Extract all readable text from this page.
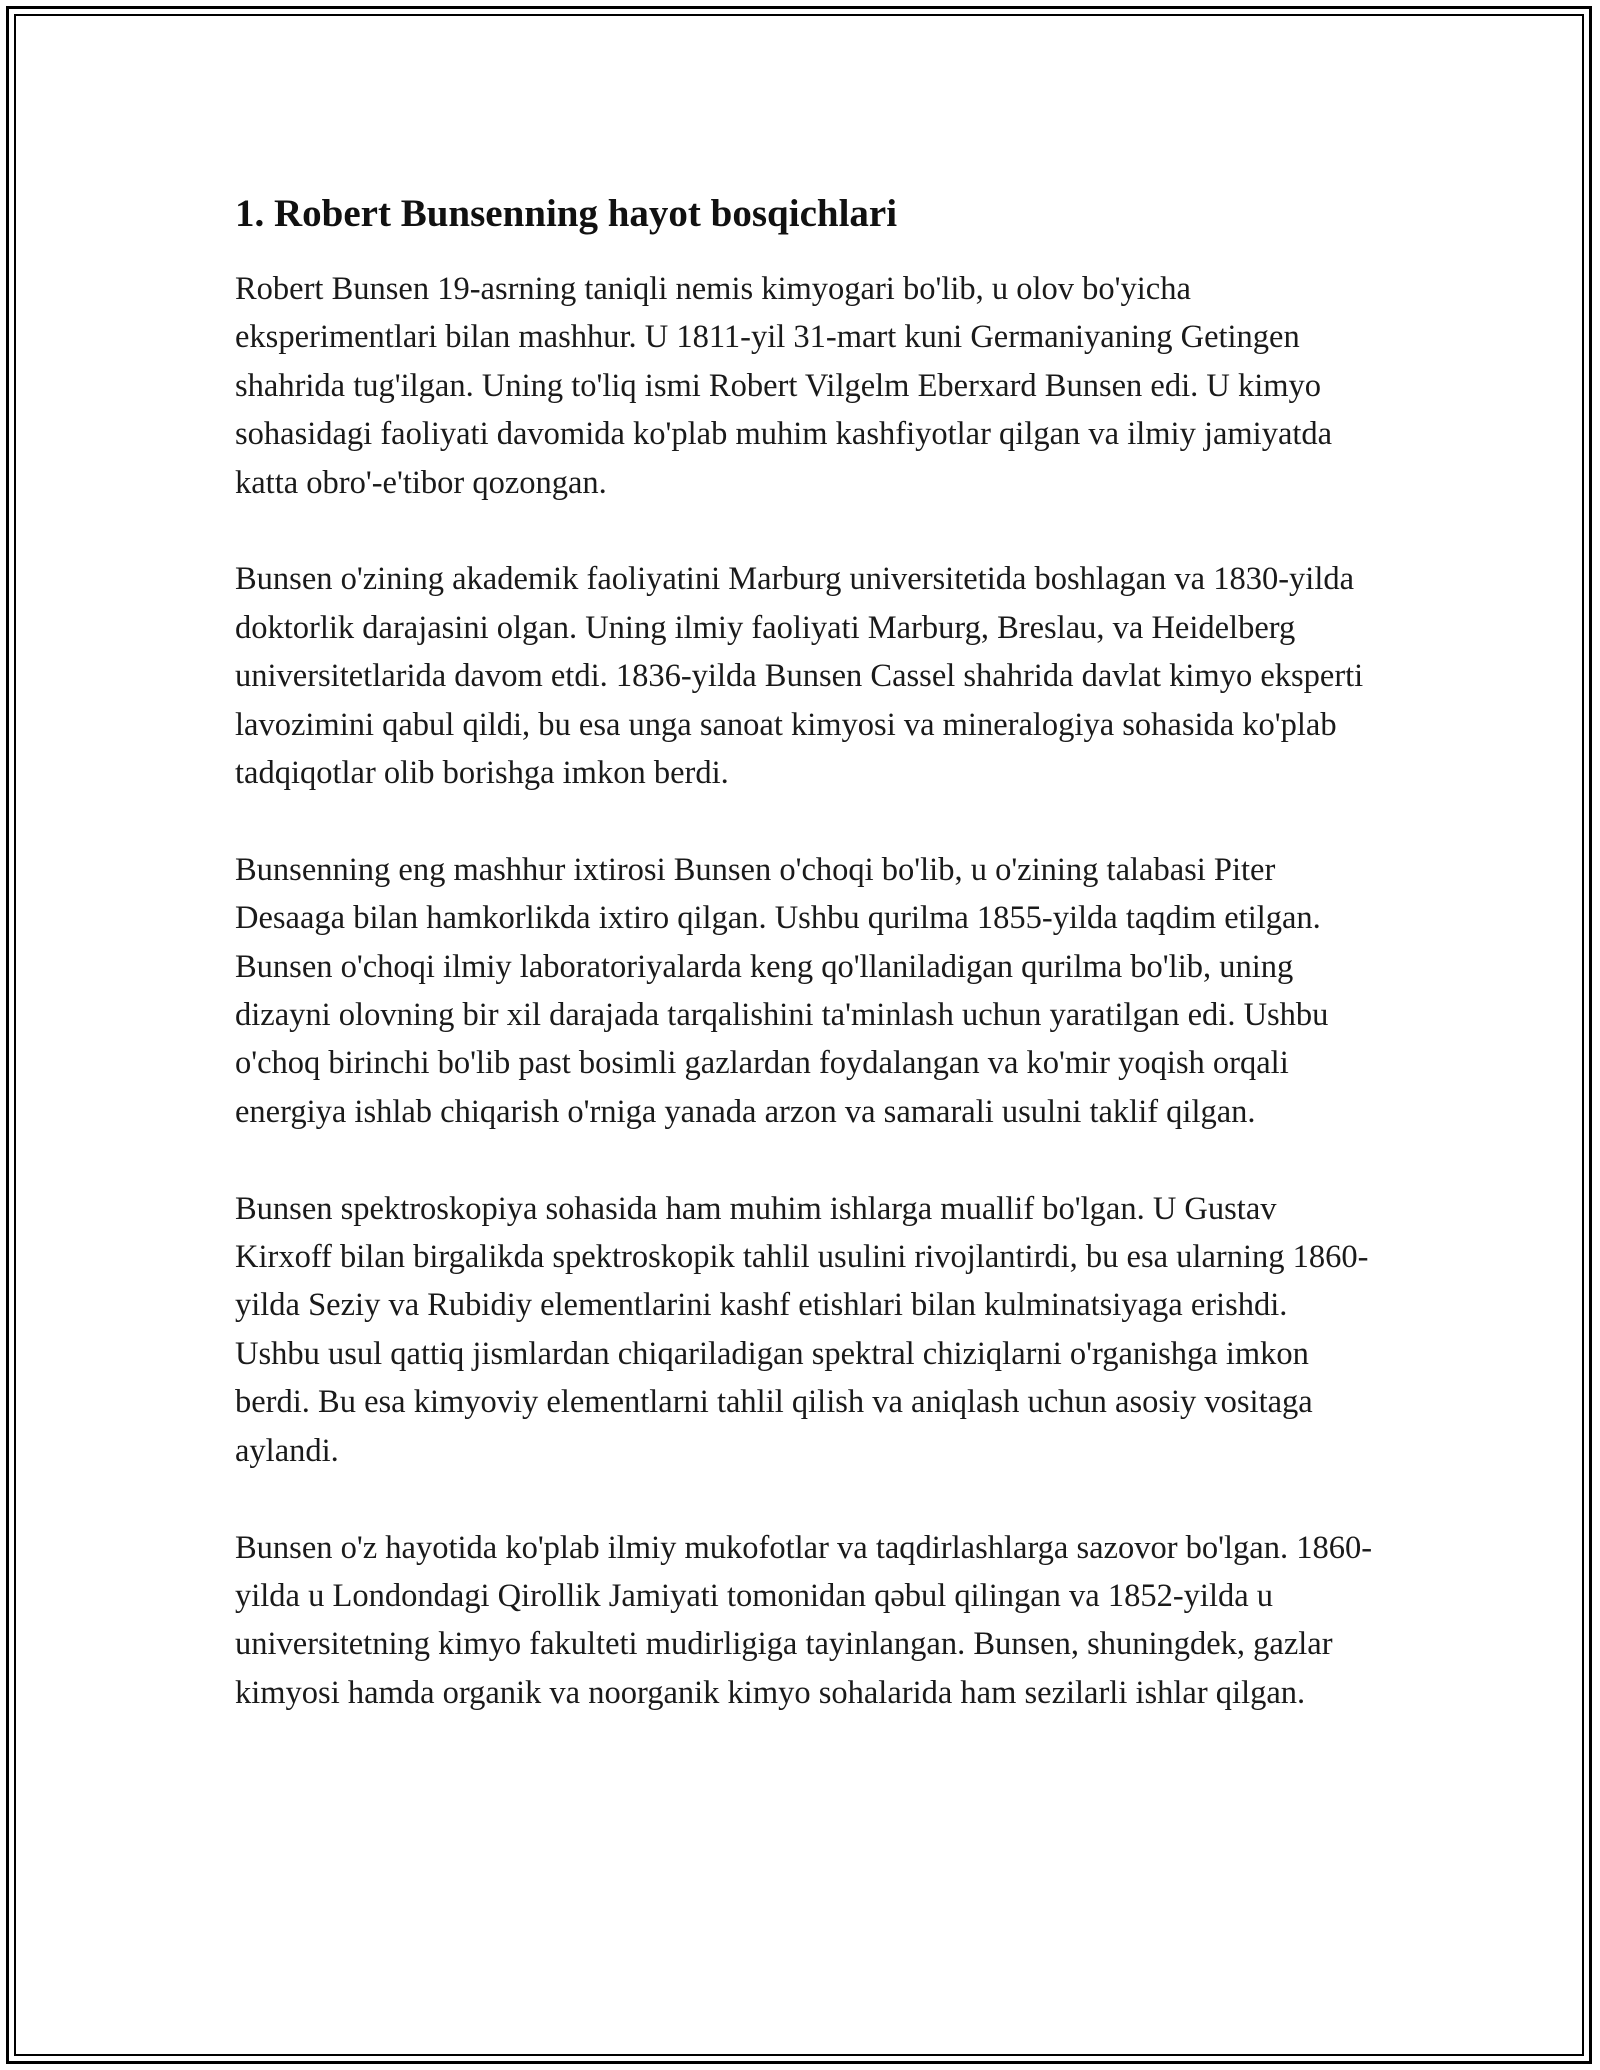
1. Robert Bunsenning hayot bosqichlari

Robert Bunsen 19-asrning taniqli nemis kimyogari bo'lib, u olov bo'yicha eksperimentlari bilan mashhur. U 1811-yil 31-mart kuni Germaniyaning Getingen shahrida tug'ilgan. Uning to'liq ismi Robert Vilgelm Eberxard Bunsen edi. U kimyo sohasidagi faoliyati davomida ko'plab muhim kashfiyotlar qilgan va ilmiy jamiyatda katta obro'-e'tibor qozongan.

Bunsen o'zining akademik faoliyatini Marburg universitetida boshlagan va 1830-yilda doktorlik darajasini olgan. Uning ilmiy faoliyati Marburg, Breslau, va Heidelberg universitetlarida davom etdi. 1836-yilda Bunsen Cassel shahrida davlat kimyo eksperti lavozimini qabul qildi, bu esa unga sanoat kimyosi va mineralogiya sohasida ko'plab tadqiqotlar olib borishga imkon berdi.

Bunsenning eng mashhur ixtirosi Bunsen o'choqi bo'lib, u o'zining talabasi Piter Desaaga bilan hamkorlikda ixtiro qilgan. Ushbu qurilma 1855-yilda taqdim etilgan. Bunsen o'choqi ilmiy laboratoriyalarda keng qo'llaniladigan qurilma bo'lib, uning dizayni olovning bir xil darajada tarqalishini ta'minlash uchun yaratilgan edi. Ushbu o'choq birinchi bo'lib past bosimli gazlardan foydalangan va ko'mir yoqish orqali energiya ishlab chiqarish o'rniga yanada arzon va samarali usulni taklif qilgan.

Bunsen spektroskopiya sohasida ham muhim ishlarga muallif bo'lgan. U Gustav Kirxoff bilan birgalikda spektroskopik tahlil usulini rivojlantirdi, bu esa ularning 1860-yilda Seziy va Rubidiy elementlarini kashf etishlari bilan kulminatsiyaga erishdi. Ushbu usul qattiq jismlardan chiqariladigan spektral chiziqlarni o'rganishga imkon berdi. Bu esa kimyoviy elementlarni tahlil qilish va aniqlash uchun asosiy vositaga aylandi.

Bunsen o'z hayotida ko'plab ilmiy mukofotlar va taqdirlashlarga sazovor bo'lgan. 1860-yilda u Londondagi Qirollik Jamiyati tomonidan qəbul qilingan va 1852-yilda u universitetning kimyo fakulteti mudirligiga tayinlangan. Bunsen, shuningdek, gazlar kimyosi hamda organik va noorganik kimyo sohalarida ham sezilarli ishlar qilgan.
